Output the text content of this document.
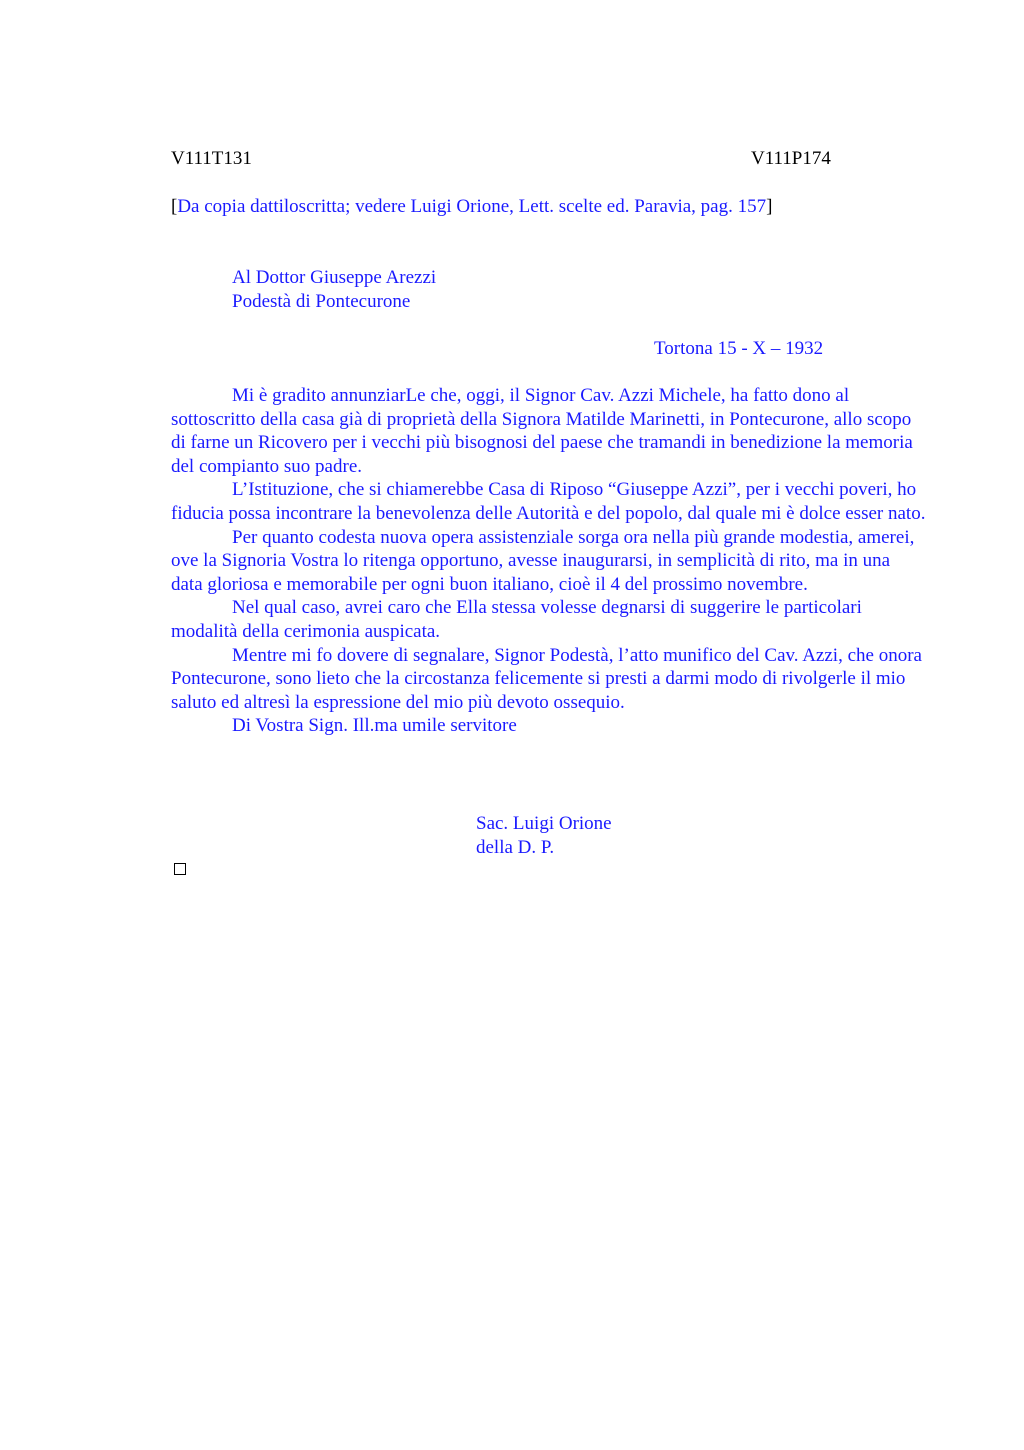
V111T131	V111P174
[Da copia dattiloscritta; vedere Luigi Orione, Lett. scelte ed. Paravia, pag. 157]
Al Dottor Giuseppe Arezzi
Podestà di Pontecurone
Tortona 15 - X – 1932

Mi è gradito annunziarLe che, oggi, il Signor Cav. Azzi Michele, ha fatto dono al sottoscritto della casa già di proprietà della Signora Matilde Marinetti, in Pontecurone, allo scopo di farne un Ricovero per i vecchi più bisognosi del paese che tramandi in benedizione la memoria del compianto suo padre.

L’Istituzione, che si chiamerebbe Casa di Riposo “Giuseppe Azzi”, per i vecchi poveri, ho fiducia possa incontrare la benevolenza delle Autorità e del popolo, dal quale mi è dolce esser nato.

Per quanto codesta nuova opera assistenziale sorga ora nella più grande modestia, amerei, ove la Signoria Vostra lo ritenga opportuno, avesse inaugurarsi, in semplicità di rito, ma in una data gloriosa e memorabile per ogni buon italiano, cioè il 4 del prossimo novembre.

Nel qual caso, avrei caro che Ella stessa volesse degnarsi di suggerire le particolari modalità della cerimonia auspicata.

Mentre mi fo dovere di segnalare, Signor Podestà, l’atto munifico del Cav. Azzi, che onora Pontecurone, sono lieto che la circostanza felicemente si presti a darmi modo di rivolgerle il mio saluto ed altresì la espressione del mio più devoto ossequio.

Di Vostra Sign. Ill.ma umile servitore

Sac. Luigi Orione
della D. P.
